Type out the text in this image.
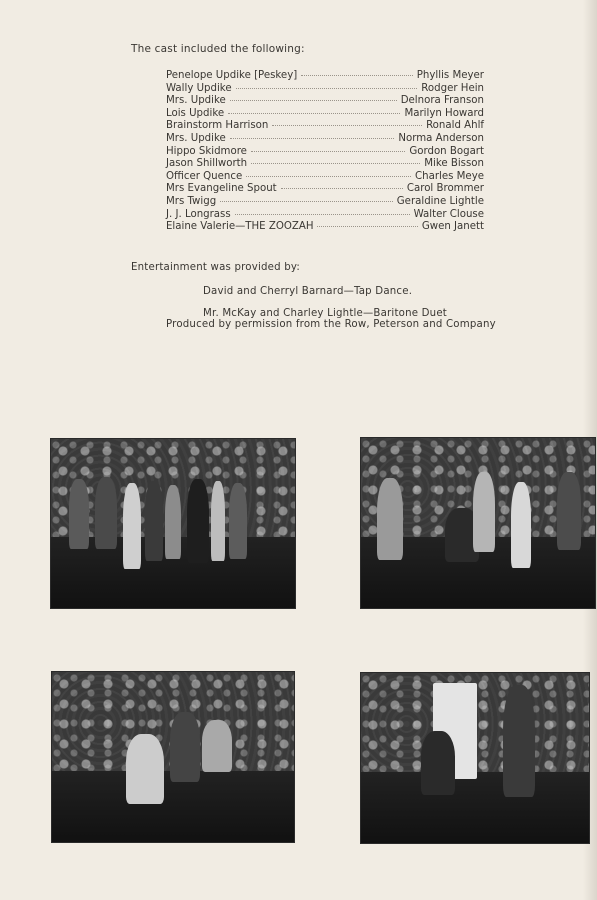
The cast included the following:
Penelope Updike [Peskey]	Phyllis Meyer
Wally Updike	Rodger Hein
Mrs. Updike	Delnora Franson
Lois Updike	Marilyn Howard
Brainstorm Harrison	Ronald Ahlf
Mrs. Updike	Norma Anderson
Hippo Skidmore	Gordon Bogart
Jason Shillworth	Mike Bisson
Officer Quence	Charles Meye
Mrs Evangeline Spout	Carol Brommer
Mrs Twigg	Geraldine Lightle
J. J. Longrass	Walter Clouse
Elaine Valerie—THE ZOOZAH	Gwen Janett
Entertainment was provided by:
David and Cherryl Barnard—Tap Dance.
Mr. McKay and Charley Lightle—Baritone Duet
Produced by permission from the Row, Peterson and Company
